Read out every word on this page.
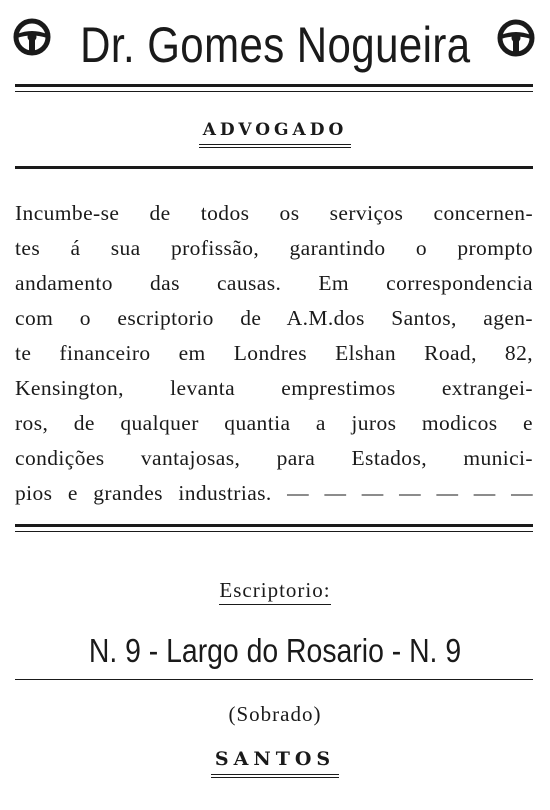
Dr. Gomes Nogueira
ADVOGADO
Incumbe-se de todos os serviços concernen-
tes á sua profissão, garantindo o prompto
andamento das causas. Em correspondencia
com o escriptorio de A.M.dos Santos, agen-
te financeiro em Londres Elshan Road, 82,
Kensington, levanta emprestimos extrangei-
ros, de qualquer quantia a juros modicos e
condições vantajosas, para Estados, munici-
pios e grandes industrias. — — — — — — —
Escriptorio:
N. 9 - Largo do Rosario - N. 9
(Sobrado)
SANTOS
